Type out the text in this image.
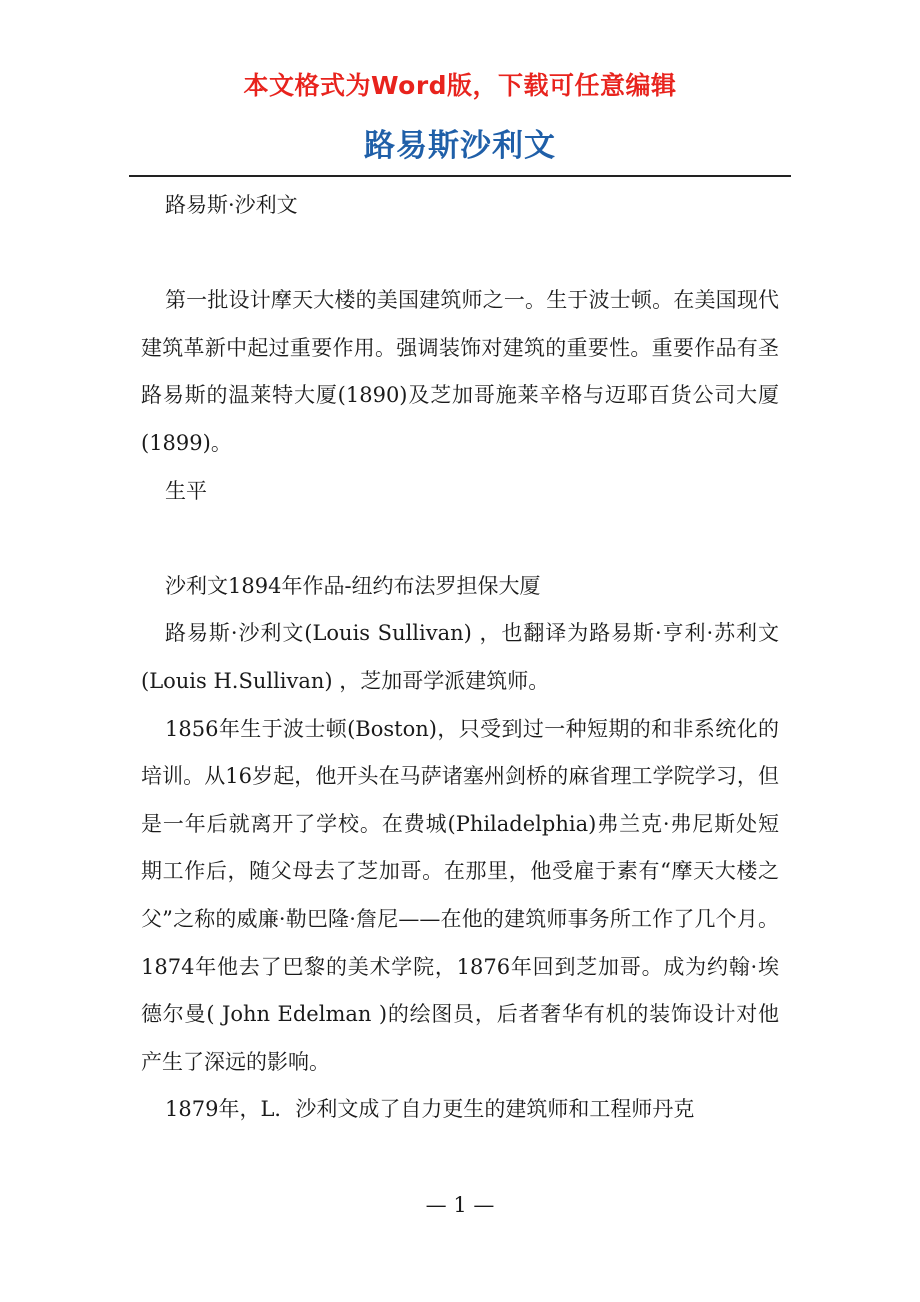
本文格式为Word版，下载可任意编辑
路易斯沙利文

路易斯·沙利文

第一批设计摩天大楼的美国建筑师之一。生于波士顿。在美国现代建筑革新中起过重要作用。强调装饰对建筑的重要性。重要作品有圣路易斯的温莱特大厦(1890)及芝加哥施莱辛格与迈耶百货公司大厦(1899)。

生平

沙利文1894年作品-纽约布法罗担保大厦

路易斯·沙利文(Louis Sullivan) ，也翻译为路易斯·亨利·苏利文(Louis H.Sullivan) ，芝加哥学派建筑师。

1856年生于波士顿(Boston)，只受到过一种短期的和非系统化的培训。从16岁起，他开头在马萨诸塞州剑桥的麻省理工学院学习，但是一年后就离开了学校。在费城(Philadelphia)弗兰克·弗尼斯处短期工作后，随父母去了芝加哥。在那里，他受雇于素有“摩天大楼之父”之称的威廉·勒巴隆·詹尼——在他的建筑师事务所工作了几个月。1874年他去了巴黎的美术学院，1876年回到芝加哥。成为约翰·埃德尔曼( John Edelman )的绘图员，后者奢华有机的装饰设计对他产生了深远的影响。

1879年，L．沙利文成了自力更生的建筑师和工程师丹克

— 1 —
